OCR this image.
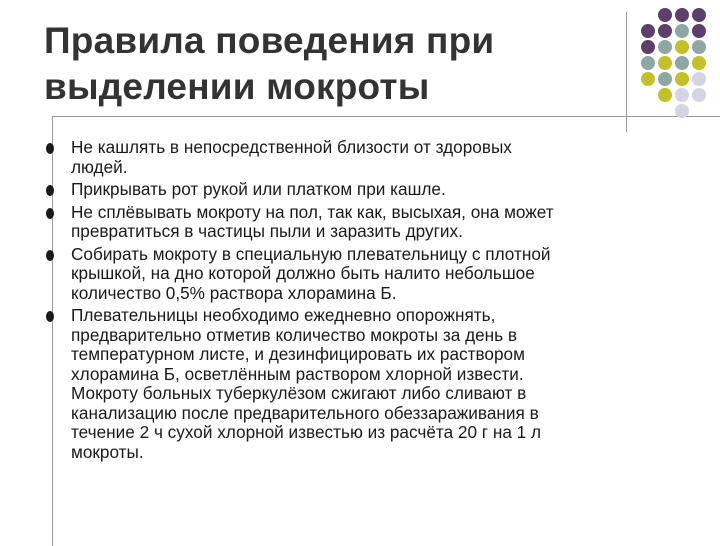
Правила поведения при
выделении мокроты
Не кашлять в непосредственной близости от здоровых
людей.
Прикрывать рот рукой или платком при кашле.
Не сплёвывать мокроту на пол, так как, высыхая, она может
превратиться в частицы пыли и заразить других.
Собирать мокроту в специальную плевательницу с плотной
крышкой, на дно которой должно быть налито небольшое
количество 0,5% раствора хлорамина Б.
Плевательницы необходимо ежедневно опорожнять,
предварительно отметив количество мокроты за день в
температурном листе, и дезинфицировать их раствором
хлорамина Б, осветлённым раствором хлорной извести.
Мокроту больных туберкулёзом сжигают либо сливают в
канализацию после предварительного обеззараживания в
течение 2 ч сухой хлорной известью из расчёта 20 г на 1 л
мокроты.
